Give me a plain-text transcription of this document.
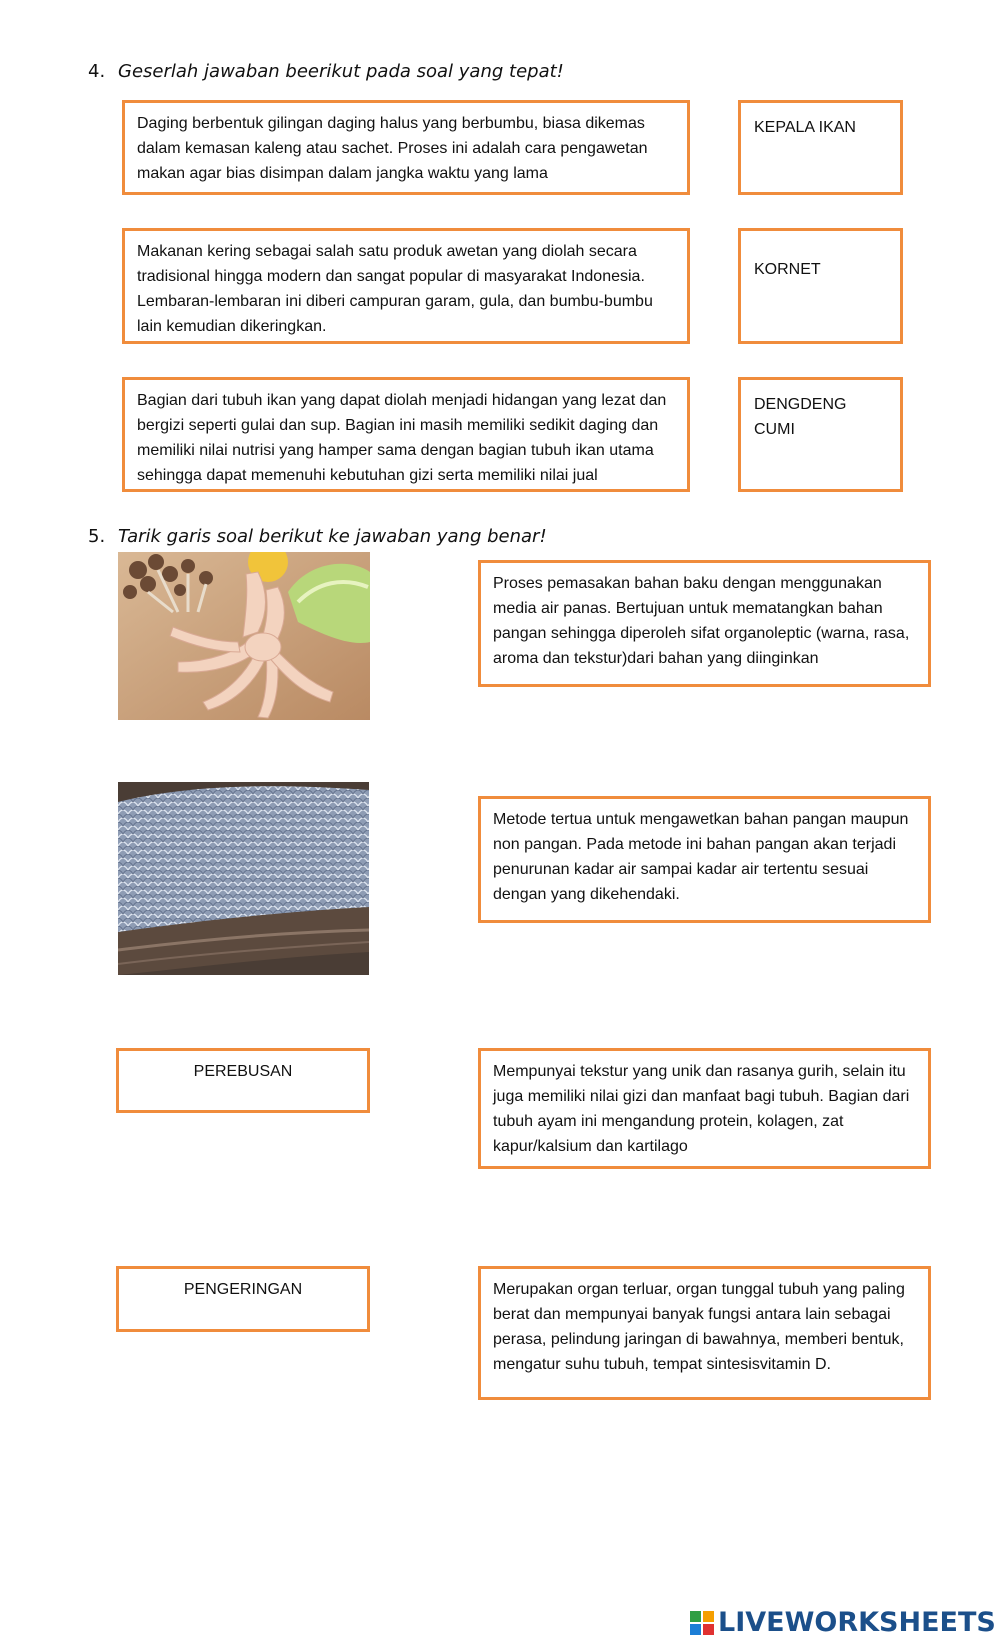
4. Geserlah jawaban beerikut pada soal yang tepat!
Daging berbentuk gilingan daging halus yang berbumbu, biasa dikemas dalam kemasan kaleng atau sachet. Proses ini adalah cara pengawetan makan agar bias disimpan dalam jangka waktu yang lama
KEPALA IKAN
Makanan kering sebagai salah satu produk awetan yang diolah secara tradisional hingga modern dan sangat popular di masyarakat Indonesia. Lembaran-lembaran ini diberi campuran garam, gula, dan bumbu-bumbu lain kemudian dikeringkan.
KORNET
Bagian dari tubuh ikan yang dapat diolah menjadi hidangan yang lezat dan bergizi seperti gulai dan sup. Bagian ini masih memiliki sedikit daging dan memiliki nilai nutrisi yang hamper sama dengan bagian tubuh ikan utama sehingga dapat memenuhi kebutuhan gizi serta memiliki nilai jual
DENGDENG CUMI
5. Tarik garis soal berikut ke jawaban yang benar!
PEREBUSAN
PENGERINGAN
Proses pemasakan bahan baku dengan menggunakan media air panas. Bertujuan untuk mematangkan bahan pangan sehingga diperoleh sifat organoleptic (warna, rasa, aroma dan tekstur)dari bahan yang diinginkan
Metode tertua untuk mengawetkan bahan pangan maupun non pangan. Pada metode ini bahan pangan akan terjadi penurunan kadar air sampai kadar air tertentu sesuai dengan yang dikehendaki.
Mempunyai tekstur yang unik dan rasanya gurih, selain itu juga memiliki nilai gizi dan manfaat bagi tubuh. Bagian dari tubuh ayam ini mengandung protein, kolagen, zat kapur/kalsium dan kartilago
Merupakan organ terluar, organ tunggal tubuh yang paling berat dan mempunyai banyak fungsi antara lain sebagai perasa, pelindung jaringan di bawahnya, memberi bentuk, mengatur suhu tubuh, tempat sintesisvitamin D.
LIVEWORKSHEETS
